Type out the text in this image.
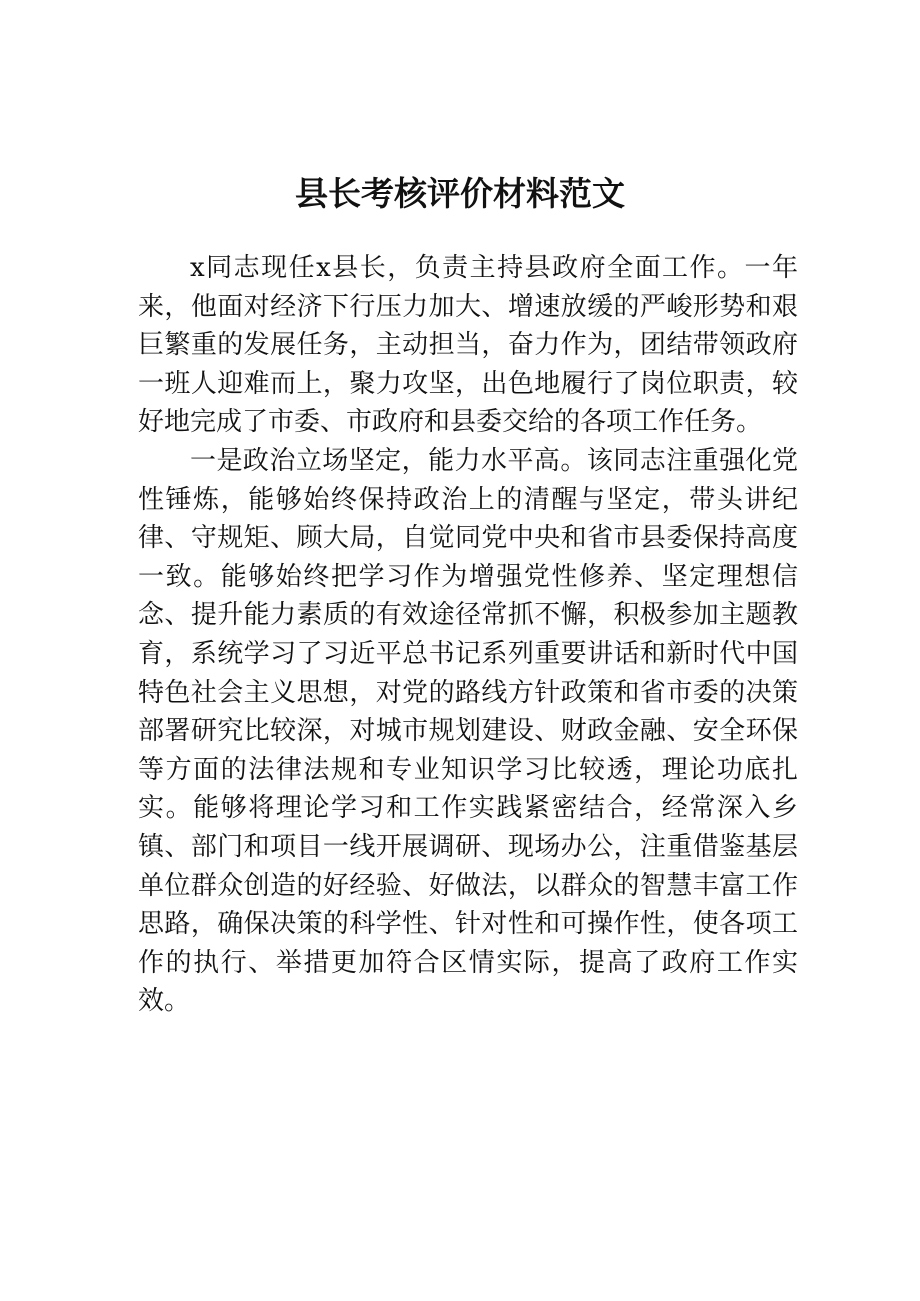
县长考核评价材料范文

x同志现任x县长，负责主持县政府全面工作。一年来，他面对经济下行压力加大、增速放缓的严峻形势和艰巨繁重的发展任务，主动担当，奋力作为，团结带领政府一班人迎难而上，聚力攻坚，出色地履行了岗位职责，较好地完成了市委、市政府和县委交给的各项工作任务。

一是政治立场坚定，能力水平高。该同志注重强化党性锤炼，能够始终保持政治上的清醒与坚定，带头讲纪律、守规矩、顾大局，自觉同党中央和省市县委保持高度一致。能够始终把学习作为增强党性修养、坚定理想信念、提升能力素质的有效途径常抓不懈，积极参加主题教育，系统学习了习近平总书记系列重要讲话和新时代中国特色社会主义思想，对党的路线方针政策和省市委的决策部署研究比较深，对城市规划建设、财政金融、安全环保等方面的法律法规和专业知识学习比较透，理论功底扎实。能够将理论学习和工作实践紧密结合，经常深入乡镇、部门和项目一线开展调研、现场办公，注重借鉴基层单位群众创造的好经验、好做法，以群众的智慧丰富工作思路，确保决策的科学性、针对性和可操作性，使各项工作的执行、举措更加符合区情实际，提高了政府工作实效。
